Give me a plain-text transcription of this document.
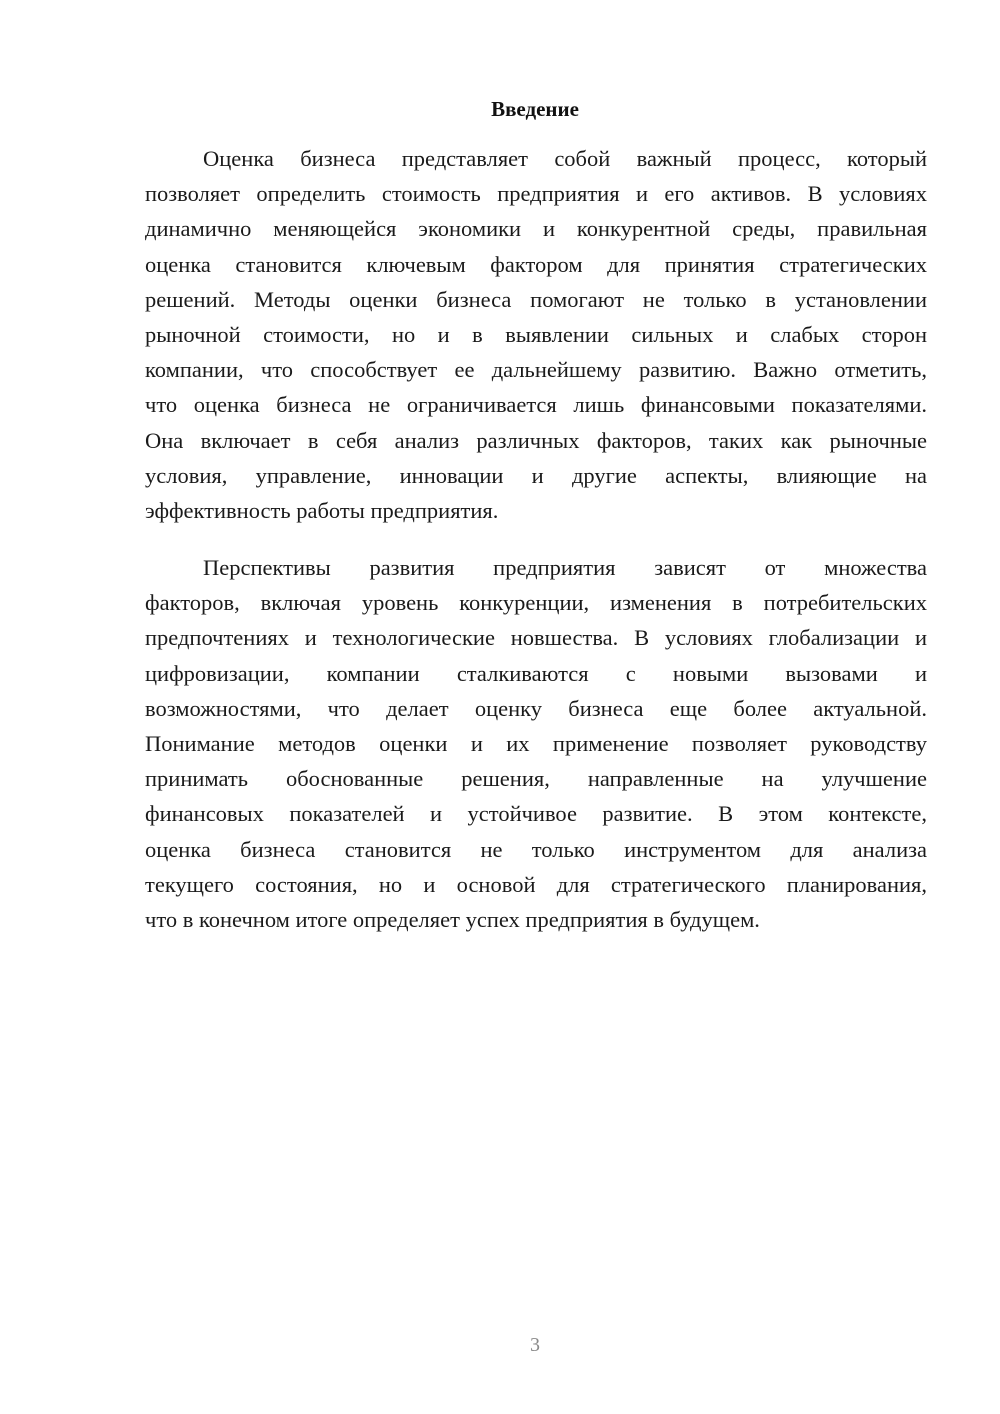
Введение
Оценка бизнеса представляет собой важный процесс, который
позволяет определить стоимость предприятия и его активов. В условиях
динамично меняющейся экономики и конкурентной среды, правильная
оценка становится ключевым фактором для принятия стратегических
решений. Методы оценки бизнеса помогают не только в установлении
рыночной стоимости, но и в выявлении сильных и слабых сторон
компании, что способствует ее дальнейшему развитию. Важно отметить,
что оценка бизнеса не ограничивается лишь финансовыми показателями.
Она включает в себя анализ различных факторов, таких как рыночные
условия, управление, инновации и другие аспекты, влияющие на
эффективность работы предприятия.
Перспективы развития предприятия зависят от множества
факторов, включая уровень конкуренции, изменения в потребительских
предпочтениях и технологические новшества. В условиях глобализации и
цифровизации, компании сталкиваются с новыми вызовами и
возможностями, что делает оценку бизнеса еще более актуальной.
Понимание методов оценки и их применение позволяет руководству
принимать обоснованные решения, направленные на улучшение
финансовых показателей и устойчивое развитие. В этом контексте,
оценка бизнеса становится не только инструментом для анализа
текущего состояния, но и основой для стратегического планирования,
что в конечном итоге определяет успех предприятия в будущем.
3
